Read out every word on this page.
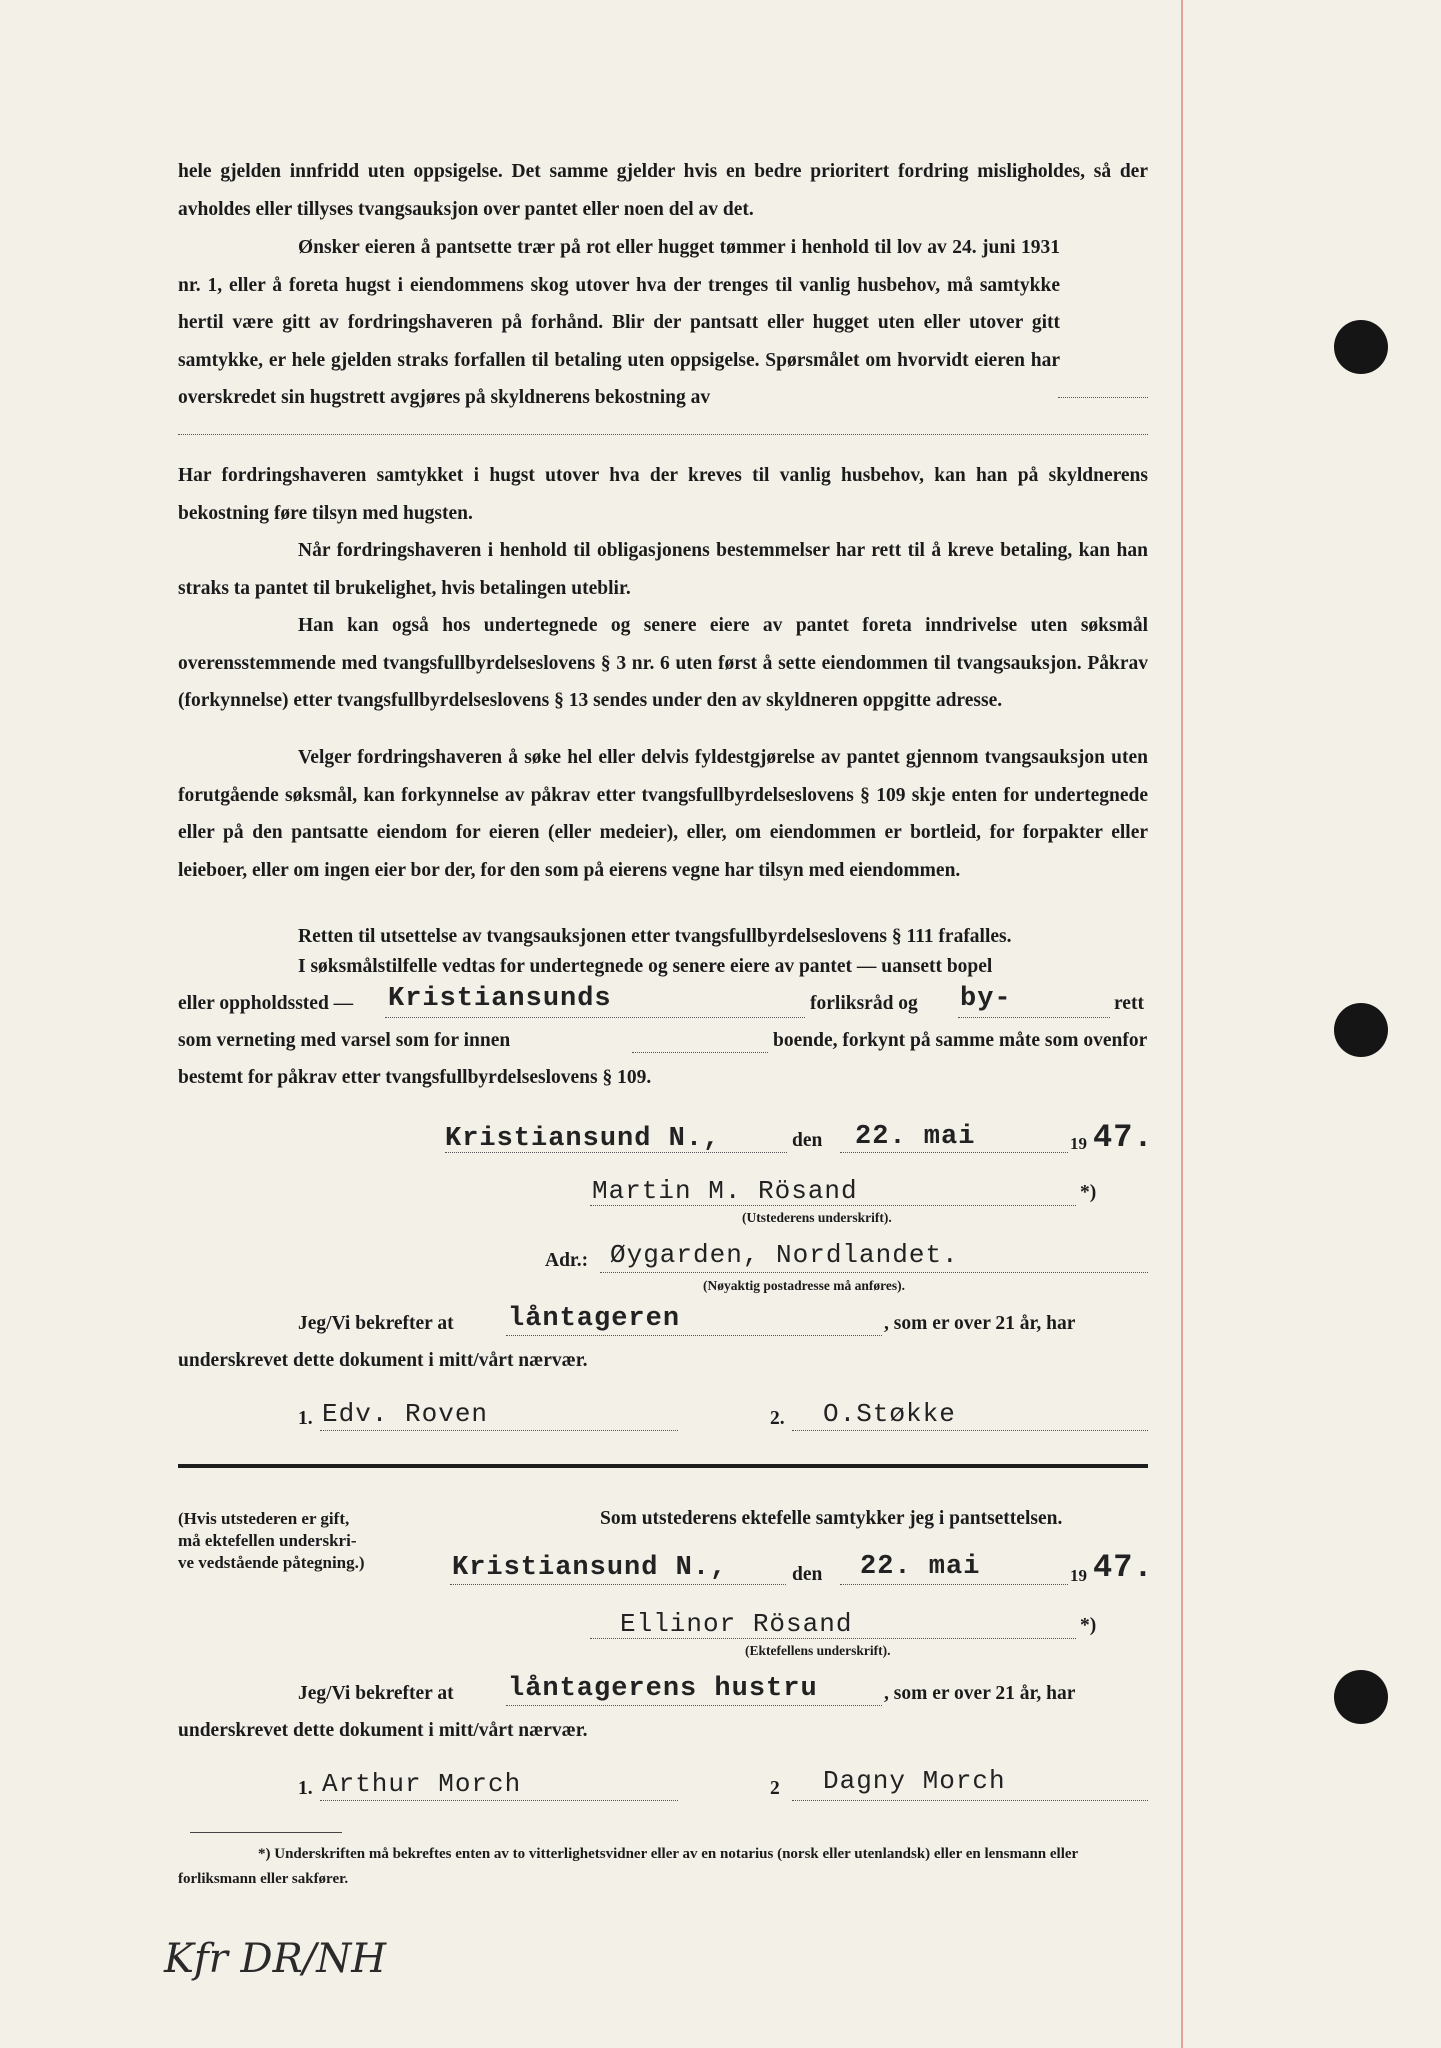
hele gjelden innfridd uten oppsigelse. Det samme gjelder hvis en bedre prioritert fordring misligholdes, så der avholdes eller tillyses tvangsauksjon over pantet eller noen del av det.

Ønsker eieren å pantsette trær på rot eller hugget tømmer i henhold til lov av 24. juni 1931 nr. 1, eller å foreta hugst i eiendommens skog utover hva der trenges til vanlig husbehov, må samtykke hertil være gitt av fordringshaveren på forhånd. Blir der pantsatt eller hugget uten eller utover gitt samtykke, er hele gjelden straks forfallen til betaling uten oppsigelse. Spørsmålet om hvorvidt eieren har overskredet sin hugstrett avgjøres på skyldnerens bekostning av

Har fordringshaveren samtykket i hugst utover hva der kreves til vanlig husbehov, kan han på skyldnerens bekostning føre tilsyn med hugsten.

Når fordringshaveren i henhold til obligasjonens bestemmelser har rett til å kreve betaling, kan han straks ta pantet til brukelighet, hvis betalingen uteblir.

Han kan også hos undertegnede og senere eiere av pantet foreta inndrivelse uten søksmål overensstemmende med tvangsfullbyrdelseslovens § 3 nr. 6 uten først å sette eiendommen til tvangsauksjon. Påkrav (forkynnelse) etter tvangsfullbyrdelseslovens § 13 sendes under den av skyldneren oppgitte adresse.

Velger fordringshaveren å søke hel eller delvis fyldestgjørelse av pantet gjennom tvangsauksjon uten forutgående søksmål, kan forkynnelse av påkrav etter tvangsfullbyrdelseslovens § 109 skje enten for undertegnede eller på den pantsatte eiendom for eieren (eller medeier), eller, om eiendommen er bortleid, for forpakter eller leieboer, eller om ingen eier bor der, for den som på eierens vegne har tilsyn med eiendommen.

Retten til utsettelse av tvangsauksjonen etter tvangsfullbyrdelseslovens § 111 frafalles.

I søksmålstilfelle vedtas for undertegnede og senere eiere av pantet — uansett bopel
eller oppholdssted — Kristiansunds	forliksråd og by-	rett
som verneting med varsel som for innen	boende, forkynt på samme måte som ovenfor
bestemt for påkrav etter tvangsfullbyrdelseslovens § 109.
Kristiansund N.,	den 22. mai	19 47.
Martin M. Rösand	*)
(Utstederens underskrift).
Adr.: Øygarden, Nordlandet.
(Nøyaktig postadresse må anføres).
Jeg/Vi bekrefter at låntageren	, som er over 21 år, har
underskrevet dette dokument i mitt/vårt nærvær.
1. Edv. Roven	2. O.Støkke
(Hvis utstederen er gift,
må ektefellen underskri-
ve vedstående påtegning.)
Som utstederens ektefelle samtykker jeg i pantsettelsen.
Kristiansund N.,	den 22. mai	19 47.
Ellinor Rösand	*)
(Ektefellens underskrift).
Jeg/Vi bekrefter at låntagerens hustru	, som er over 21 år, har
underskrevet dette dokument i mitt/vårt nærvær.
1. Arthur Morch	2 Dagny Morch
*) Underskriften må bekreftes enten av to vitterlighetsvidner eller av en notarius (norsk eller utenlandsk) eller en lensmann eller forliksmann eller sakfører.
Kfr DR/NH
